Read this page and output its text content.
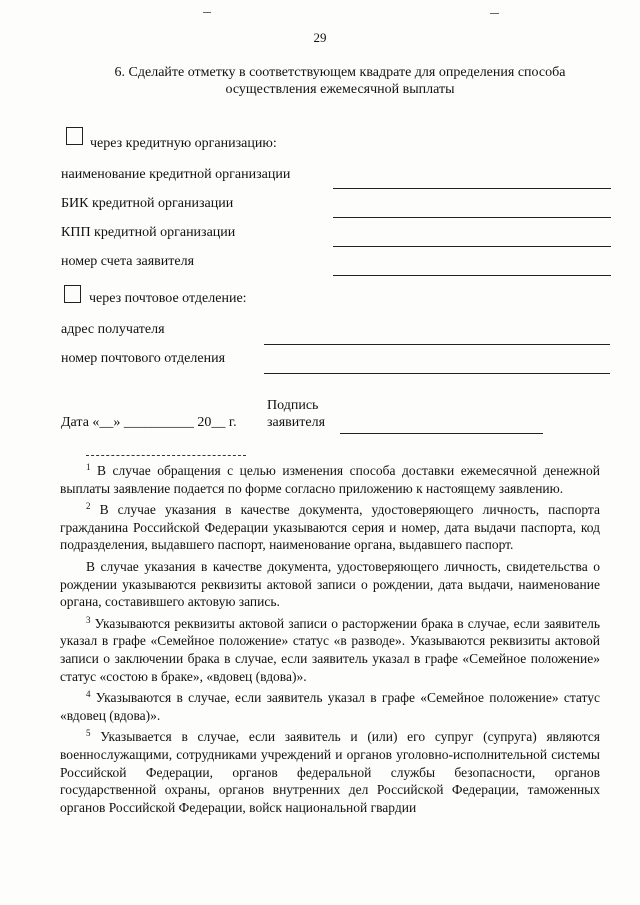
29
6. Сделайте отметку в соответствующем квадрате для определения способа
осуществления ежемесячной выплаты
через кредитную организацию:
наименование кредитной организации
БИК кредитной организации
КПП кредитной организации
номер счета заявителя
через почтовое отделение:
адрес получателя
номер почтового отделения
Дата «__» __________ 20__ г.
Подпись
заявителя

$^1$ В случае обращения с целью изменения способа доставки ежемесячной денежной выплаты заявление подается по форме согласно приложению к настоящему заявлению.

$^2$ В случае указания в качестве документа, удостоверяющего личность, паспорта гражданина Российской Федерации указываются серия и номер, дата выдачи паспорта, код подразделения, выдавшего паспорт, наименование органа, выдавшего паспорт.

В случае указания в качестве документа, удостоверяющего личность, свидетельства о рождении указываются реквизиты актовой записи о рождении, дата выдачи, наименование органа, составившего актовую запись.

$^3$ Указываются реквизиты актовой записи о расторжении брака в случае, если заявитель указал в графе «Семейное положение» статус «в разводе». Указываются реквизиты актовой записи о заключении брака в случае, если заявитель указал в графе «Семейное положение» статус «состою в браке», «вдовец (вдова)».

$^4$ Указываются в случае, если заявитель указал в графе «Семейное положение» статус «вдовец (вдова)».

$^5$ Указывается в случае, если заявитель и (или) его супруг (супруга) являются военнослужащими, сотрудниками учреждений и органов уголовно-исполнительной системы Российской Федерации, органов федеральной службы безопасности, органов государственной охраны, органов внутренних дел Российской Федерации, таможенных органов Российской Федерации, войск национальной гвардии
